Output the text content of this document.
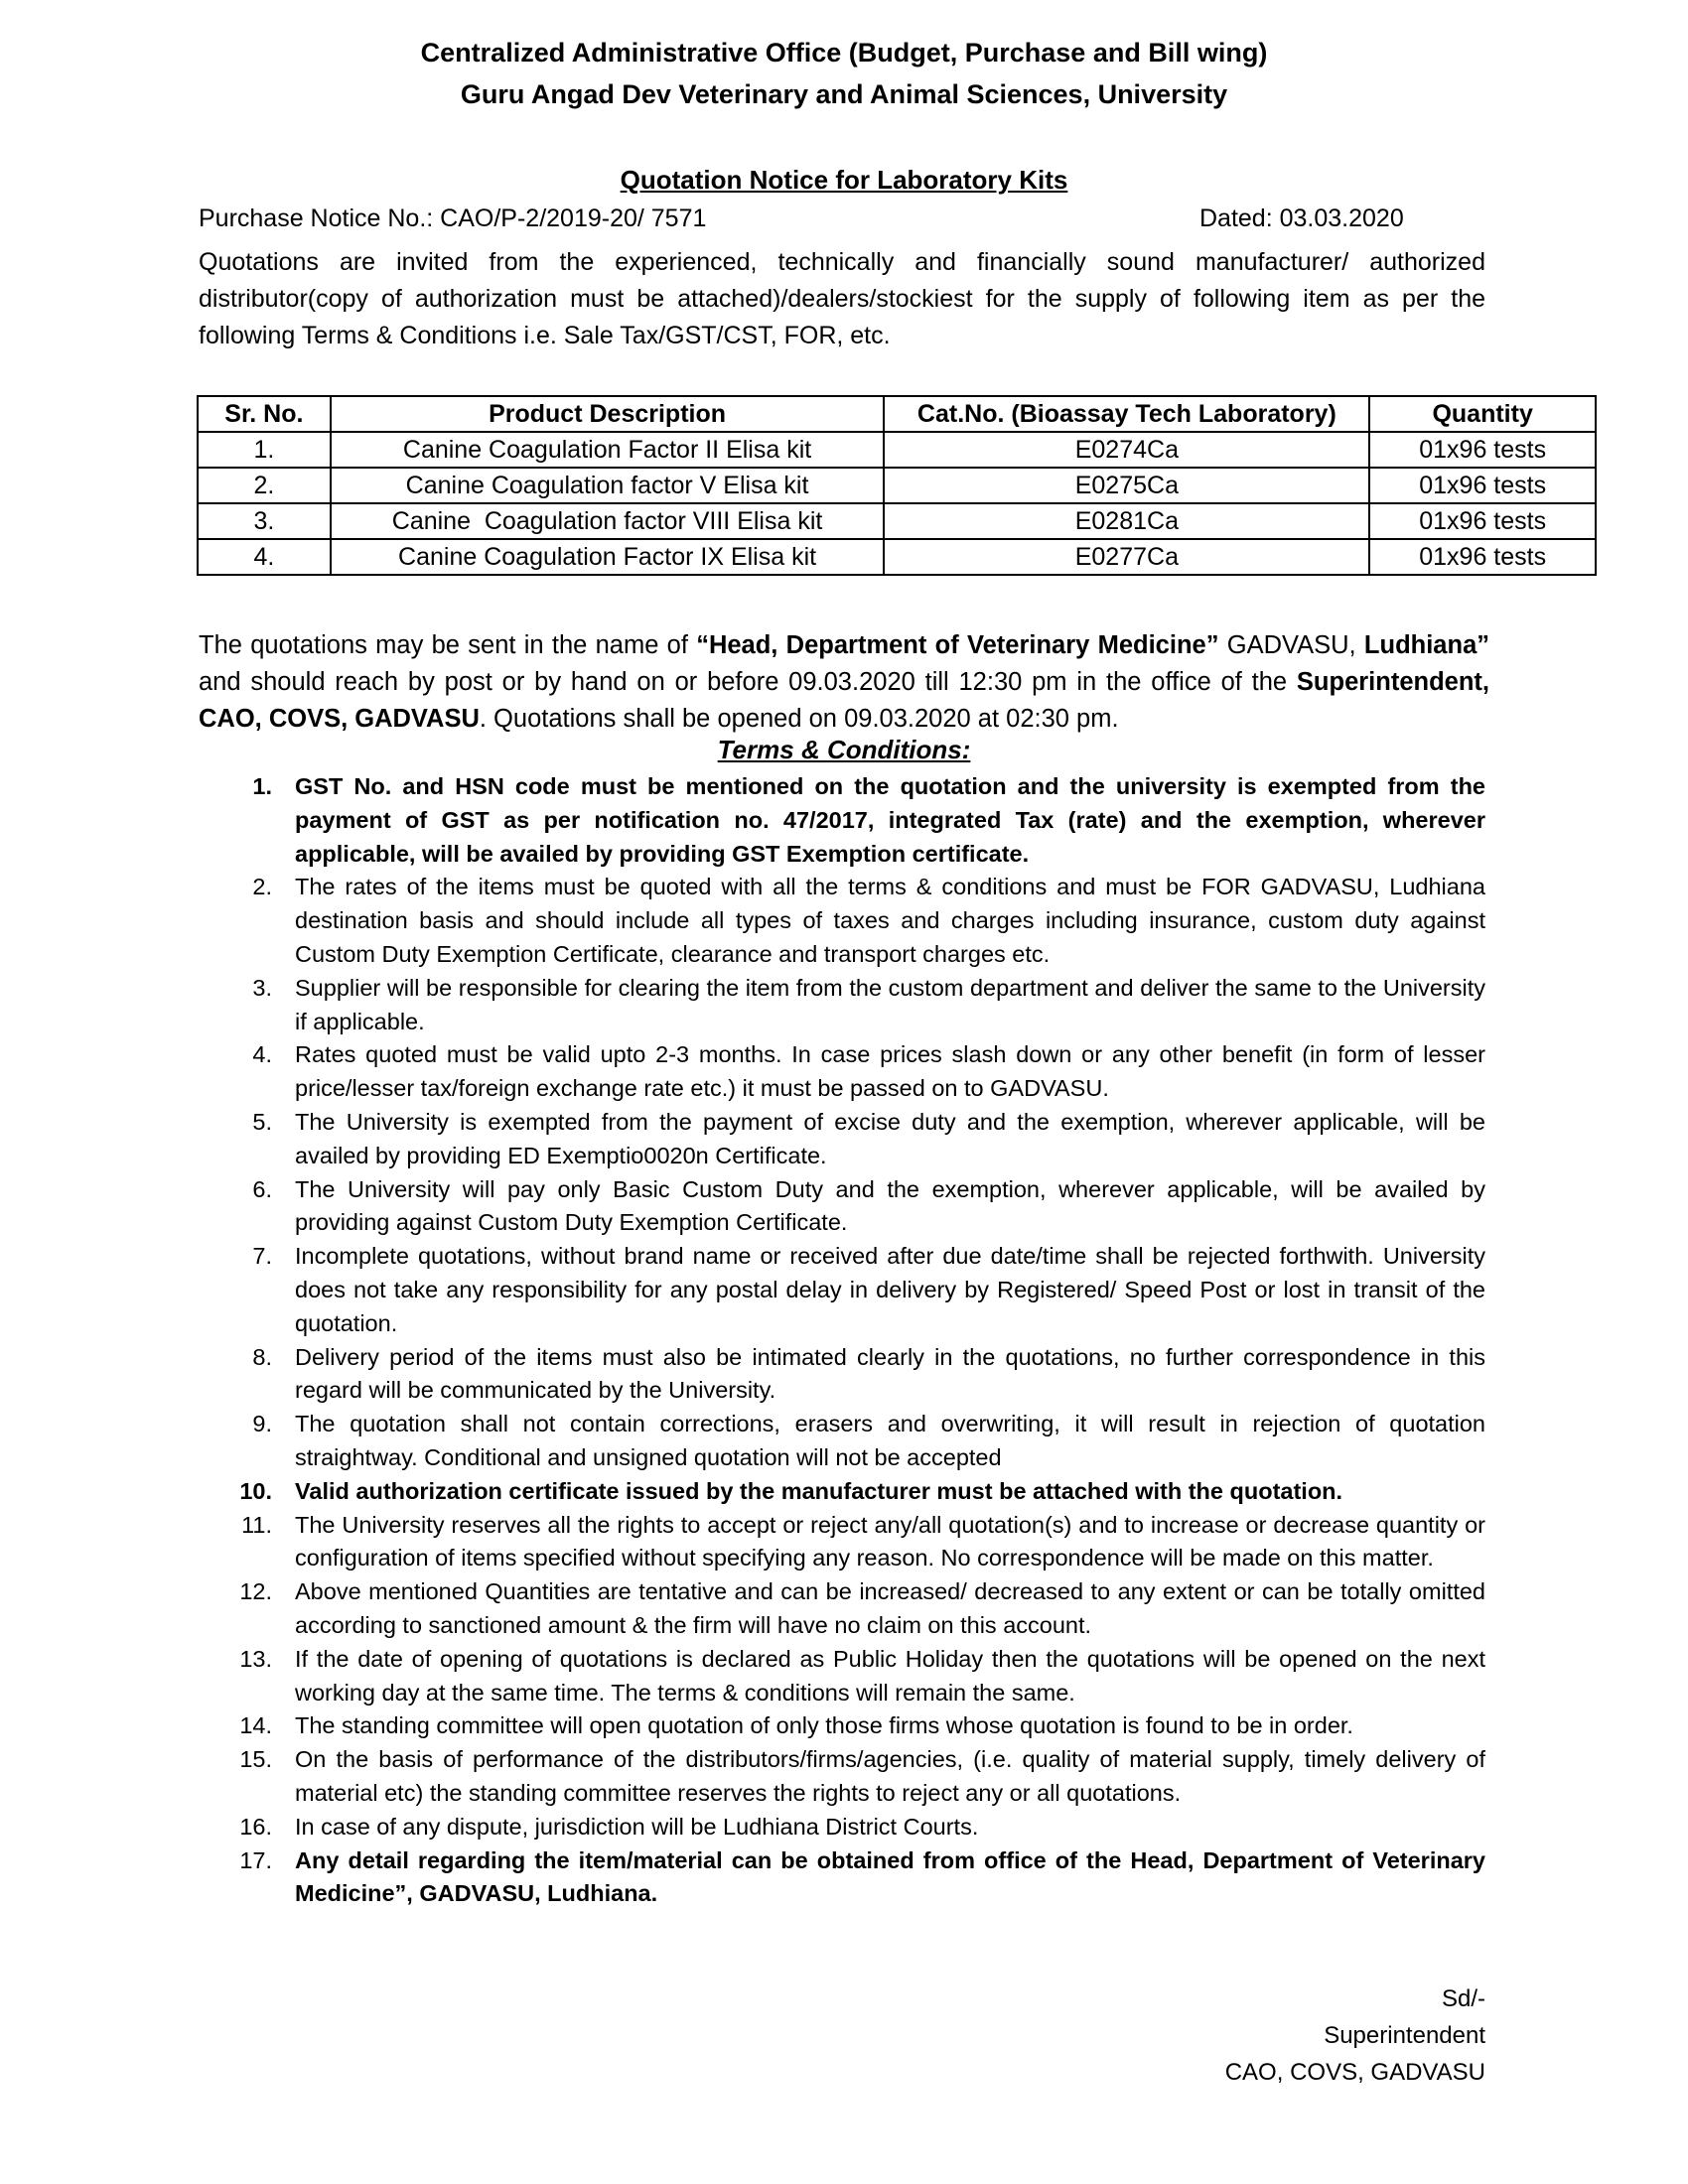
Centralized Administrative Office (Budget, Purchase and Bill wing)
Guru Angad Dev Veterinary and Animal Sciences, University
Quotation Notice for Laboratory Kits
Purchase Notice No.: CAO/P-2/2019-20/ 7571	Dated: 03.03.2020
Quotations are invited from the experienced, technically and financially sound manufacturer/ authorized distributor(copy of authorization must be attached)/dealers/stockiest for the supply of following item as per the following Terms & Conditions i.e. Sale Tax/GST/CST, FOR, etc.
Sr. No.	Product Description	Cat.No. (Bioassay Tech Laboratory)	Quantity
1.	Canine Coagulation Factor II Elisa kit	E0274Ca	01x96 tests
2.	Canine Coagulation factor V Elisa kit	E0275Ca	01x96 tests
3.	Canine  Coagulation factor VIII Elisa kit	E0281Ca	01x96 tests
4.	Canine Coagulation Factor IX Elisa kit	E0277Ca	01x96 tests
The quotations may be sent in the name of “Head, Department of Veterinary Medicine” GADVASU, Ludhiana” and should reach by post or by hand on or before 09.03.2020 till 12:30 pm in the office of the Superintendent, CAO, COVS, GADVASU. Quotations shall be opened on 09.03.2020 at 02:30 pm.
Terms & Conditions:
1. GST No. and HSN code must be mentioned on the quotation and the university is exempted from the payment of GST as per notification no. 47/2017, integrated Tax (rate) and the exemption, wherever applicable, will be availed by providing GST Exemption certificate.
2. The rates of the items must be quoted with all the terms & conditions and must be FOR GADVASU, Ludhiana destination basis and should include all types of taxes and charges including insurance, custom duty against Custom Duty Exemption Certificate, clearance and transport charges etc.
3. Supplier will be responsible for clearing the item from the custom department and deliver the same to the University if applicable.
4. Rates quoted must be valid upto 2-3 months. In case prices slash down or any other benefit (in form of lesser price/lesser tax/foreign exchange rate etc.) it must be passed on to GADVASU.
5. The University is exempted from the payment of excise duty and the exemption, wherever applicable, will be availed by providing ED Exemptio0020n Certificate.
6. The University will pay only Basic Custom Duty and the exemption, wherever applicable, will be availed by providing against Custom Duty Exemption Certificate.
7. Incomplete quotations, without brand name or received after due date/time shall be rejected forthwith. University does not take any responsibility for any postal delay in delivery by Registered/ Speed Post or lost in transit of the quotation.
8. Delivery period of the items must also be intimated clearly in the quotations, no further correspondence in this regard will be communicated by the University.
9. The quotation shall not contain corrections, erasers and overwriting, it will result in rejection of quotation straightway. Conditional and unsigned quotation will not be accepted
10. Valid authorization certificate issued by the manufacturer must be attached with the quotation.
11. The University reserves all the rights to accept or reject any/all quotation(s) and to increase or decrease quantity or configuration of items specified without specifying any reason. No correspondence will be made on this matter.
12. Above mentioned Quantities are tentative and can be increased/ decreased to any extent or can be totally omitted according to sanctioned amount & the firm will have no claim on this account.
13. If the date of opening of quotations is declared as Public Holiday then the quotations will be opened on the next working day at the same time. The terms & conditions will remain the same.
14. The standing committee will open quotation of only those firms whose quotation is found to be in order.
15. On the basis of performance of the distributors/firms/agencies, (i.e. quality of material supply, timely delivery of material etc) the standing committee reserves the rights to reject any or all quotations.
16. In case of any dispute, jurisdiction will be Ludhiana District Courts.
17. Any detail regarding the item/material can be obtained from office of the Head, Department of Veterinary Medicine”, GADVASU, Ludhiana.
Sd/-
Superintendent
CAO, COVS, GADVASU
